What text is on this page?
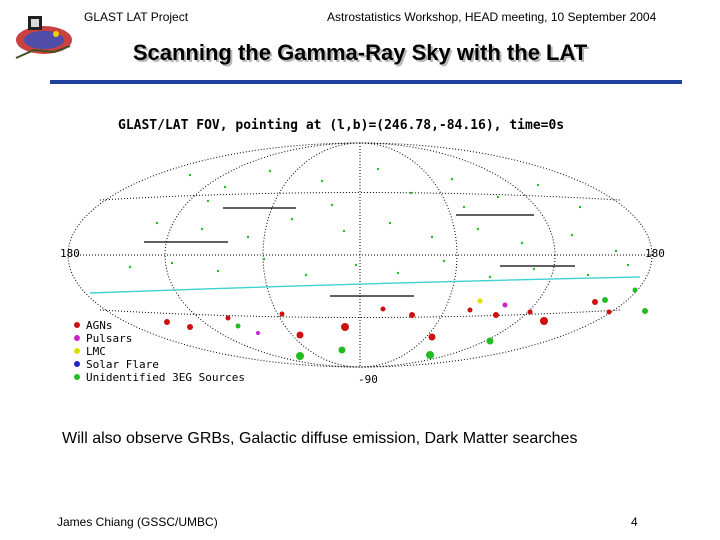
GLAST LAT Project	Astrostatistics Workshop, HEAD meeting, 10 September 2004
Scanning the Gamma-Ray Sky with the LAT
GLAST/LAT FOV, pointing at (l,b)=(246.78,-84.16), time=0s
180	180
-90
AGNs
Pulsars
LMC
Solar Flare
Unidentified 3EG Sources
Will also observe GRBs, Galactic diffuse emission, Dark Matter searches
James Chiang (GSSC/UMBC)	4
